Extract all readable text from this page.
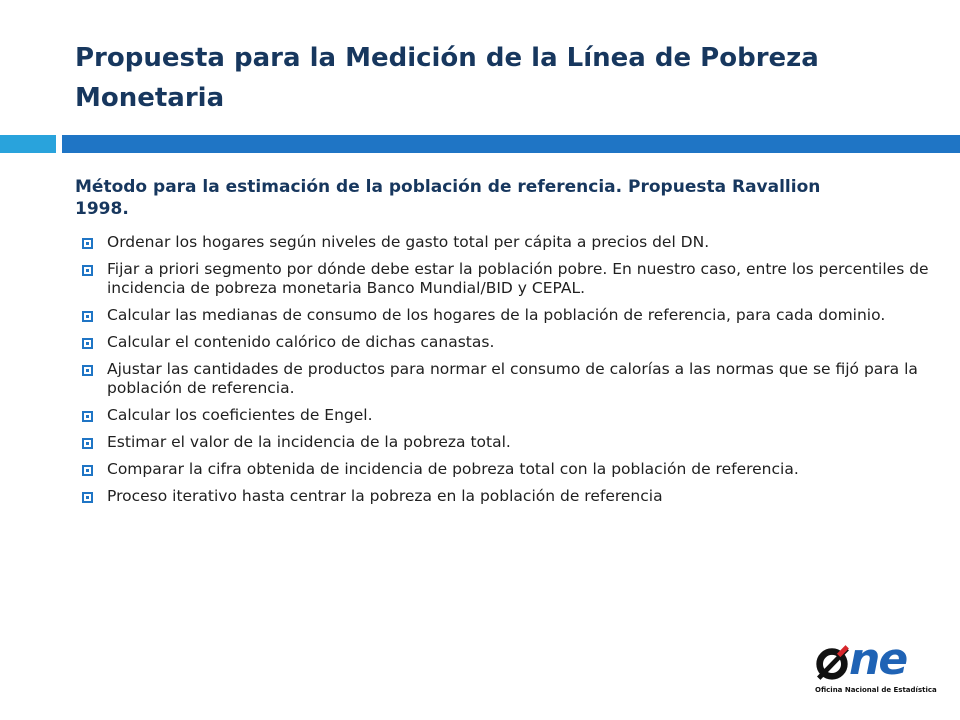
Propuesta para la Medición de la Línea de Pobreza Monetaria
Método para la estimación de la población de referencia. Propuesta Ravallion 1998.
Ordenar los hogares según niveles de gasto total per cápita a precios del DN.
Fijar a priori segmento por dónde debe estar la población pobre. En nuestro caso, entre los percentiles de incidencia de pobreza monetaria Banco Mundial/BID y CEPAL.
Calcular las medianas de consumo de los hogares de la población de referencia, para cada dominio.
Calcular el contenido calórico de dichas canastas.
Ajustar las cantidades de productos para normar el consumo de calorías a las normas que se fijó para la población de referencia.
Calcular los coeficientes de Engel.
Estimar el valor de la incidencia de la pobreza total.
Comparar la cifra obtenida de incidencia de pobreza total con la población de referencia.
Proceso iterativo hasta centrar la pobreza en la población de referencia
ne
Oficina Nacional de Estadística
